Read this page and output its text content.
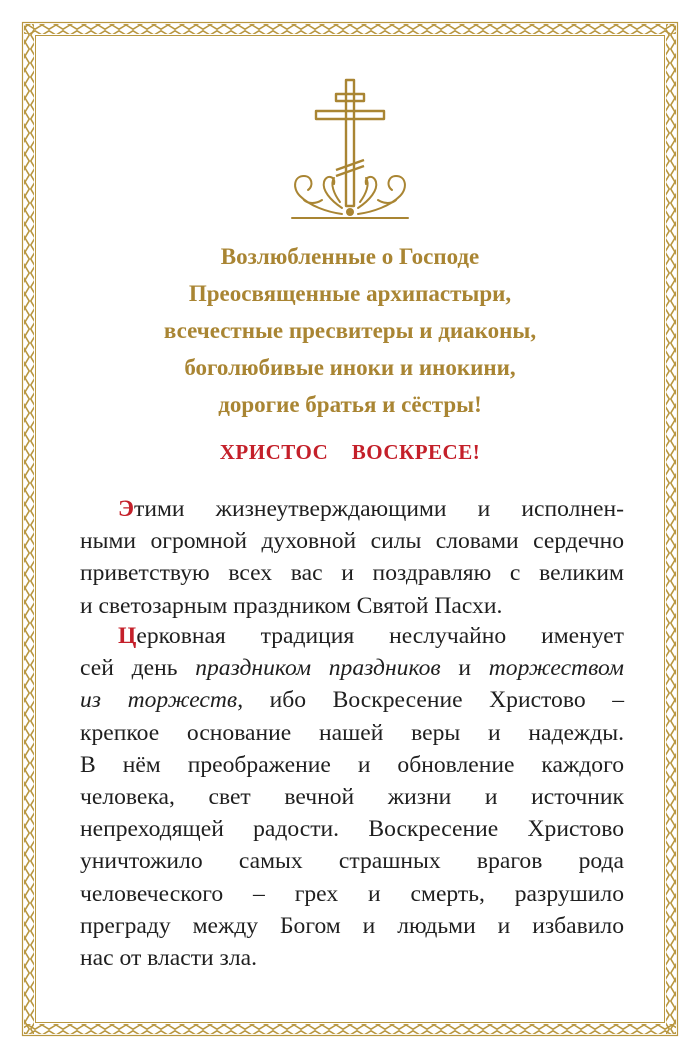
Возлюбленные о Господе
Преосвященные архипастыри,
всечестные пресвитеры и диаконы,
боголюбивые иноки и инокини,
дорогие братья и сёстры!
ХРИСТОС  ВОСКРЕСЕ!
Этими жизнеутверждающими и исполнен-
ными огромной духовной силы словами сердечно
приветствую всех вас и поздравляю с великим
и светозарным праздником Святой Пасхи.
Церковная традиция неслучайно именует
сей день праздником праздников и торжеством
из торжеств, ибо Воскресение Христово –
крепкое основание нашей веры и надежды.
В нём преображение и обновление каждого
человека, свет вечной жизни и источник
непреходящей радости. Воскресение Христово
уничтожило самых страшных врагов рода
человеческого – грех и смерть, разрушило
преграду между Богом и людьми и избавило
нас от власти зла.
